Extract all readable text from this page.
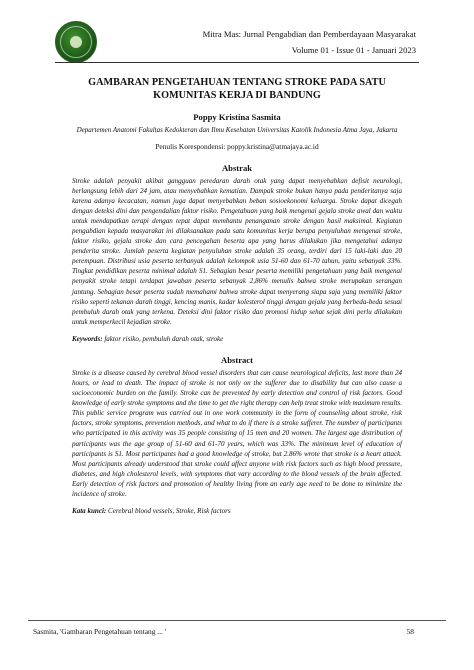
Mitra Mas: Jurnal Pengabdian dan Pemberdayaan Masyarakat
Volume 01 - Issue 01 - Januari 2023

GAMBARAN PENGETAHUAN TENTANG STROKE PADA SATU
KOMUNITAS KERJA DI BANDUNG

Poppy Kristina Sasmita

Departemen Anatomi Fakultas Kedokteran dan Ilmu Kesehatan Universitas Katolik Indonesia Atma Jaya, Jakarta

Penulis Korespondensi: poppy.kristina@atmajaya.ac.id

Abstrak

Stroke adalah penyakit akibat gangguan peredaran darah otak yang dapat menyebabkan defisit neurologi, berlangsung lebih dari 24 jam, atau menyebabkan kematian. Dampak stroke bukan hanya pada penderitanya saja karena adanya kecacatan, namun juga dapat menyebabkan beban sosioekonomi keluarga. Stroke dapat dicegah dengan deteksi dini dan pengendalian faktor risiko. Pengetahuan yang baik mengenai gejala stroke awal dan waktu untuk mendapatkan terapi dengan tepat dapat membantu penanganan stroke dengan hasil maksimal. Kegiatan pengabdian kepada masyarakat ini dilaksanakan pada satu komunitas kerja berupa penyuluhan mengenai stroke, faktor risiko, gejala stroke dan cara pencegahan beserta apa yang harus dilakukan jika mengetahui adanya penderita stroke. Jumlah peserta kegiatan penyuluhan stroke adalah 35 orang, terdiri dari 15 laki-laki dan 20 perempuan. Distribusi usia peserta terbanyak adalah kelompok usia 51-60 dan 61-70 tahun, yaitu sebanyak 33%. Tingkat pendidikan peserta minimal adalah S1. Sebagian besar peserta memiliki pengetahuan yang baik mengenai penyakit stroke tetapi terdapat jawaban peserta sebanyak 2,86% menulis bahwa stroke merupakan serangan jantung. Sebagian besar peserta sudah memahami bahwa stroke dapat menyerang siapa saja yang memiliki faktor risiko seperti tekanan darah tinggi, kencing manis, kadar kolesterol tinggi dengan gejala yang berbeda-beda sesuai pembuluh darah otak yang terkena. Deteksi dini faktor risiko dan promosi hidup sehat sejak dini perlu dilakukan untuk memperkecil kejadian stroke.

Keywords: faktor risiko, pembuluh darah otak, stroke

Abstract

Stroke is a disease caused by cerebral blood vessel disorders that can cause neurological deficits, last more than 24 hours, or lead to death. The impact of stroke is not only on the sufferer due to disability but can also cause a socioeconomic burden on the family. Stroke can be prevented by early detection and control of risk factors. Good knowledge of early stroke symptoms and the time to get the right therapy can help treat stroke with maximum results. This public service program was carried out in one work community in the form of counseling about stroke, risk factors, stroke symptoms, prevention methods, and what to do if there is a stroke sufferer. The number of participants who participated in this activity was 35 people consisting of 15 men and 20 women. The largest age distribution of participants was the age group of 51-60 and 61-70 years, which was 33%. The minimum level of education of participants is S1. Most participants had a good knowledge of stroke, but 2.86% wrote that stroke is a heart attack. Most participants already understood that stroke could affect anyone with risk factors such as high blood pressure, diabetes, and high cholesterol levels, with symptoms that vary according to the blood vessels of the brain affected. Early detection of risk factors and promotion of healthy living from an early age need to be done to minimize the incidence of stroke.

Kata kunci: Cerebral blood vessels, Stroke, Risk factors

Sasmita, 'Gambaran Pengetahuan tentang ... '	58
